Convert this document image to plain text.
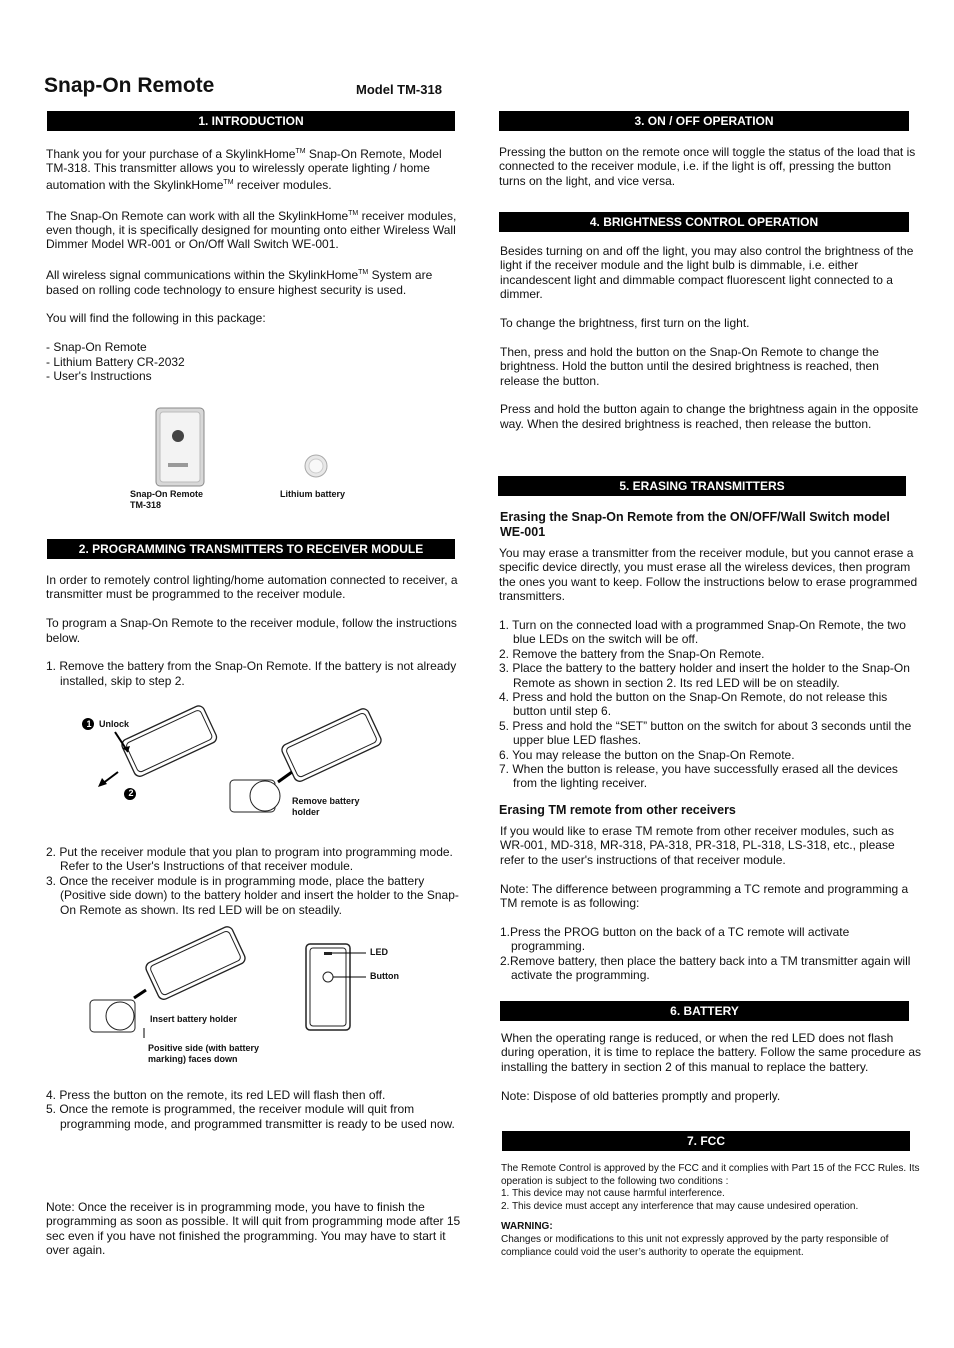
Snap-On Remote	Model TM-318
1. INTRODUCTION
Thank you for your purchase of a SkylinkHome™ Snap-On Remote, Model TM-318. This transmitter allows you to wirelessly operate lighting / home automation with the SkylinkHome™ receiver modules.
The Snap-On Remote can work with all the SkylinkHome™ receiver modules, even though, it is specifically designed for mounting onto either Wireless Wall Dimmer Model WR-001 or On/Off Wall Switch WE-001.
All wireless signal communications within the SkylinkHome™ System are based on rolling code technology to ensure highest security is used.
You will find the following in this package:
- Snap-On Remote
- Lithium Battery CR-2032
- User's Instructions
Snap-On Remote TM-318
Lithium battery
2. PROGRAMMING TRANSMITTERS TO RECEIVER MODULE
In order to remotely control lighting/home automation connected to receiver, a transmitter must be programmed to the receiver module.
To program a Snap-On Remote to the receiver module, follow the instructions below.
1. Remove the battery from the Snap-On Remote. If the battery is not already installed, skip to step 2.
Unlock
1
2
Remove battery holder
2. Put the receiver module that you plan to program into programming mode. Refer to the User's Instructions of that receiver module.
3. Once the receiver module is in programming mode, place the battery (Positive side down) to the battery holder and insert the holder to the Snap-On Remote as shown. Its red LED will be on steadily.
LED
Button
Insert battery holder
Positive side (with battery marking) faces down
4. Press the button on the remote, its red LED will flash then off.
5. Once the remote is programmed, the receiver module will quit from programming mode, and programmed transmitter is ready to be used now.
Note: Once the receiver is in programming mode, you have to finish the programming as soon as possible. It will quit from programming mode after 15 sec even if you have not finished the programming. You may have to start it over again.
3. ON / OFF OPERATION
Pressing the button on the remote once will toggle the status of the load that is connected to the receiver module, i.e. if the light is off, pressing the button turns on the light, and vice versa.
4. BRIGHTNESS CONTROL OPERATION
Besides turning on and off the light, you may also control the brightness of the light if the receiver module and the light bulb is dimmable, i.e. either incandescent light and dimmable compact fluorescent light connected to a dimmer.
To change the brightness, first turn on the light.
Then, press and hold the button on the Snap-On Remote to change the brightness. Hold the button until the desired brightness is reached, then release the button.
Press and hold the button again to change the brightness again in the opposite way. When the desired brightness is reached, then release the button.
5. ERASING TRANSMITTERS
Erasing the Snap-On Remote from the ON/OFF/Wall Switch model WE-001
You may erase a transmitter from the receiver module, but you cannot erase a specific device directly, you must erase all the wireless devices, then program the ones you want to keep. Follow the instructions below to erase programmed transmitters.
1. Turn on the connected load with a programmed Snap-On Remote, the two blue LEDs on the switch will be off.
2. Remove the battery from the Snap-On Remote.
3. Place the battery to the battery holder and insert the holder to the Snap-On Remote as shown in section 2. Its red LED will be on steadily.
4. Press and hold the button on the Snap-On Remote, do not release this button until step 6.
5. Press and hold the “SET” button on the switch for about 3 seconds until the upper blue LED flashes.
6. You may release the button on the Snap-On Remote.
7. When the button is release, you have successfully erased all the devices from the lighting receiver.
Erasing TM remote from other receivers
If you would like to erase TM remote from other receiver modules, such as WR-001, MD-318, MR-318, PA-318, PR-318, PL-318, LS-318, etc., please refer to the user's instructions of that receiver module.
Note: The difference between programming a TC remote and programming a TM remote is as following:
1.Press the PROG button on the back of a TC remote will activate programming.
2.Remove battery, then place the battery back into a TM transmitter again will activate the programming.
6. BATTERY
When the operating range is reduced, or when the red LED does not flash during operation, it is time to replace the battery. Follow the same procedure as installing the battery in section 2 of this manual to replace the battery.
Note: Dispose of old batteries promptly and properly.
7. FCC
The Remote Control is approved by the FCC and it complies with Part 15 of the FCC Rules. Its operation is subject to the following two conditions :
1. This device may not cause harmful interference.
2. This device must accept any interference that may cause undesired operation.
WARNING:
Changes or modifications to this unit not expressly approved by the party responsible of compliance could void the user’s authority to operate the equipment.
